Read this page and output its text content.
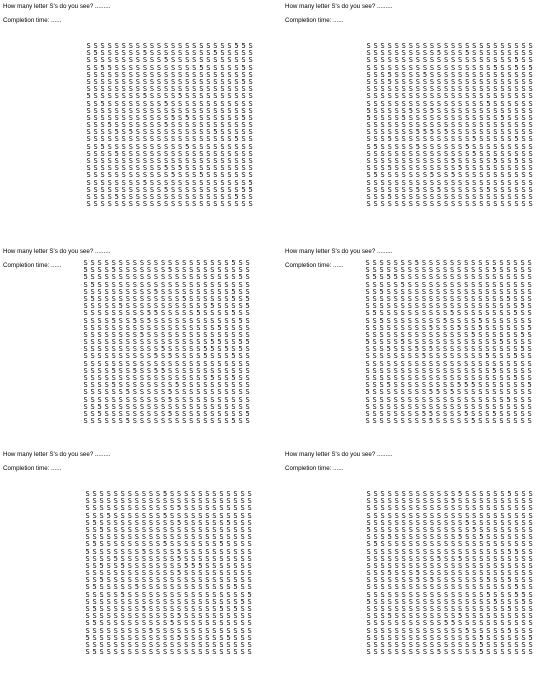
How many letter S's do you see? .........
Completion time: ......
S S S S S S S S S S S S S S S S S S S S S 5 5 S
S 5 S S S S S S 5 S S S S S S S S S 5 S S S S S
S S S S S S S S S S S 5 S S S S S S S S S S S S
S S 5 5 S S S S S S S S S S S S 5 S S S S S 5 S
S S S S S S S S S S S S S S S S S S S S S S S S
S S S S S S S S S S S S S S S S S S S S S S 5 S
S S S S S S S S S S S S S S S S S S S S S S S S
5 S S S S S S S 5 S S S S 5 S S S S S S S S S S
S S 5 S S S S S S S S 5 S S S S S S S S S S S S
S S S S S S S S S S S S S S S S S S S S S S S S
S S S S S S S S S S S S 5 S 5 S S S S S S S 5 S
S S S 5 S S S S S S S 5 S S S S S S S S S S S S
S S S S 5 S 5 S S S S S S S S S S S 5 S S S S S
S S S S S S S S S S S S S S S S S S S S S 5 S S
S S 5 S S S S S S S S S S S 5 S S S S S S S S S
S S S S 5 S S S S S S S S S S S S S S S S S S S
S S S S S S S S S S S S S S S S S S S S S S S S
S S S S S S S S S S S 5 S 5 S S S S S S S S S S
S S S S S S S S S S S S 5 S S S 5 S S S S S S S
S S S S S S S S 5 S S S S S S S S S S S S S S 5
S S S S S S S S S S S 5 S S S S S S S S S S 5 5
S S S S 5 S S S S S S S S S S S S S S S S 5 S S
S S S S S S S S S S S S S S S S S S S S S S S S
How many letter S's do you see? .........
Completion time: ......
S S S S S S S S S S S S S S S S S S S S S S S S
S S S S S S S S S S 5 S S S 5 S S S S S S S S S
S S S S S S S S S S S S S S S S S S S S S 5 S S
S S S S S S S S S S S S S S S S S S 5 S S 5 S 5
S S S 5 S S S S 5 S S S S S S S S S S S S S S S
S S S 5 S S S S S S S S S S S S S S S S S S S S
S S S S S S S S S S S S S S S S S S S S S S S S
S S S S S S S S S S S S S S S S S S S S S S S S
S S S S S S S S S S S S S S S S S 5 S S S S S S
5 S S S S S 5 S S 5 S S S S S S S S S S S S S S
5 S S S S 5 S S S S S S S S S S S S S 5 S S S S
S S S S S S S S S S S S S S S S S S S S S S S S
S S S S S S S 5 5 5 S 5 S S S S S S S S S S S S
S S S 5 S S S S S S S S S S S 5 S S S S S 5 S S
S 5 S S S S S 5 S S S S S S 5 S S S S S S S S S
S S S S S S S S S S S S S S S 5 S S S S S S S S
S S S S S S S S S S S S 5 S S S S S 5 S S 5 S S
S S S 5 S S S S S S S S S 5 S S S S S S S S S S
S 5 S S S S S S S 5 S S 5 S S S S S S S S S S S
S S S S S S S S S S S S S S S S S S S S S S S S
S S S S S S S 5 S S 5 S S S S S S 5 S S S S S S
S S S 5 S S S S S S S S S S S S S S S S S S S S
S S S S S S S S S S S S S S S S S S S S S S S S
How many letter S's do you see? .........
Completion time: ......	S S S S S S S S S S S S S S S S S S S S S 5 S S
5 S S S 5 S S S S S S S 5 S S S S S S S S S S S
5 S S S S S S S S S S S S S S S S S S S S S 5 S
S 5 S S S S S S S S S S S S S S S S S S S S S S
S S S S S S S S S S 5 S S S S S S S S S S 5 S S
S 5 S S S S S S S S S S S S 5 S S S S S S 5 S 5
S S S S S 5 S S S S S S S S S S S S 5 S S S S 5
S S S S S S S S S 5 5 S S S S S 5 S S S S 5 S S
S S S S 5 S S 5 S 5 S S S S S S S S S S S S 5 S
S S S S S S S S S S S S S S S S S S S 5 S S S S
S S S S S S S S 5 S S S S S S S S S S S S S S S
S S S S S S S S S S S S S S S S S S 5 5 S S 5 5
S S S S S S S S S S S 5 S S S S S 5 5 S 5 S 5 S
S S S S S S S S S S 5 S 5 S S S S 5 S S S 5 S S
S S S S S S S S S S S S S S S S S S S S S S S S
S S S S 5 S S 5 S S 5 5 S S S S S S S S S S S S
S S S S S S S S S S S S S S S S S S 5 S S 5 S S
S S S S 5 S S S S S S S S 5 S S S S S S S S S S
S S S S S S 5 S S S S S 5 S S S S S S S S S S S
S S S S S S S S S S S S 5 S S S S S S S S S S S
S S 5 S S S S S S S S S S S S S S S S S S S S S
S S 5 S S S S S S S S S 5 S S S S S S S S S S 5
S S S S S S 5 S S S S S S S S S S S S S S 5 S S
How many letter S's do you see? .........
Completion time: ......	S S S S S S S 5 S S S S S S S S S S S S S S S S
S S S S S S S S S S S S S S S S S S 5 S S S S S
S 5 S 5 5 S S S S S S S S S S S S S S S S S S S
S S S S S 5 S S S S S S S S S S S S S S S S S S
S S 5 S S S S S S S S S S S S S S S S S S S S S
S S S S S S S S S S S S S S S S S S S S 5 S S S
S S S S S S S S S S S S S S S S S S S S S S 5 S
S 5 S S S S S S S S S S 5 S S S S S S S S 5 S S
S S 5 S S S S S S S S 5 S S S S 5 S S S S S S S
S S S S S S S S S 5 S S S 5 S S 5 S S S S S S 5
S S S S S S S S S S S S S S S 5 S S S S S S 5 S
5 S S S S 5 S S S S S S S S S S S S S 5 S S S S
S S S 5 S S S 5 S 5 S S S S S S S S S S S S 5 S
S S S S S S S S 5 S S S S S S S S 5 S S S 5 S S
S S S S S S S S S S S S S S S S S S S S S S S S
S S S S S S S S S S S S S S S S S S 5 S S S S S
S S S S S S S S S S S S S S S S S S S S S 5 S S
S S S 5 S S S S S S S S S 5 5 5 S S S S S S S 5
5 S S S S S S S S 5 5 S 5 S S S S S S S S S S S
S S S S S S S S S S S S S S S S S S S S 5 S S S
S S S S S S S S S S S S S S S S S S S S S S S S
S S S S S S S S 5 5 S S S S 5 S S S 5 S S S S S
S S S S S S S S S 5 S S S S S 5 S S S S S S S S
How many letter S's do you see? .........
Completion time: ......
S S S S S S S S S S S 5 S S S S S S S S S S S S
S S S S S S S S S S S S S S S S S S S S S S S S
S S S S S S S S S S S S S 5 S S S S S S S S S S
S S S 5 S S S S S S S 5 S S S S S S S S S S S S
S 5 S S S S S S S S S S S 5 S S S S S S 5 S S S
S S 5 S S S S S S S S S S S S S S S S S S S S S
S S S S S S S S S S S S S S S S S S S S S S S S
S 5 S S S S S S S S S 5 S S S S S S S 5 S S S S
5 S S S S S S S 5 S S S S 5 S S S S S S S S S S
S S S S 5 S S S S S S S S 5 S S S S S S S S S S
S S 5 S S 5 S S S S S S S S 5 5 5 S S S S S S S
S S S S S S S S S S S S S 5 S S S S S S S S S S
S S 5 S S S S S S S S S S S S S S S S S S S S S
S 5 S S S S S 5 S S S S S S S S S S S S S 5 S S
S S S S S 5 S S S S S S S S S S S S S S S S S 5
S S S S S S S S S S S S S S S S S S S S S S 5 S
S 5 S S S S S S 5 S S S S S S S S S S 5 S 5 S S
S S S S S S S S S S S S S 5 S S S S S S S S S S
S 5 S S S S S S S S S S 5 S S S S S S S S S S S
S S S S S S S S S 5 S S S S S S S S S S S S S S
5 S S S S S S S S S S S S 5 S S S S S S 5 S S S
S S S S S S S S S S S S S S S S S S S S S S S S
S 5 S S S S S S S S S S S S S S S S S S S S S S
How many letter S's do you see? .........
Completion time: ......
S S S S S S S S S S S S S 5 S S S S S S 5 S S S
S S S S S S S S S S S S 5 S S S S S S S S S S S
S S S S S S S S S S S S S S S S S S S S S S S S
S S S S S S S S S S S S S S S S S S S S S S S S
S S S S S S S S S S S S S S 5 S S S S S S S S S
5 S S S S S S S S S S S S S S 5 S S S S S S S S
S S S 5 S S S S S S S S S 5 S S 5 S S S S S S S
S 5 S S S S S S S S S S S S S S S S S S S S S S
S S S S S S S S S S S S S S S S S S S S 5 5 S S
S S S S S S S S S S 5 S S 5 S S S S S S S S S S
S S S S S S S S S S S S S S S S S S S S S S S S
S S S 5 S S S 5 S S S S S S S S S S S S S S S S
S S S S S S S 5 S 5 S S S S S S S 5 S S 5 S S S
S S S S S S S S S S S S S S S S S S S S S 5 S S
S S S S S S S S S S S S S S S S S 5 S S S 5 5 S
5 S S S S S S S S S S S S S S S S S 5 S S S 5 S
S S S S S S S S S S S S S S S S S S S S 5 S S S
S S S 5 S S S S S S S S S 5 S S S S S S S S S S
S S S S S S S S S S S 5 5 S S S S S S S S S S S
S S S S S S S S S S S S S S 5 S S S S S 5 S S S
S S S S S S S S S S S S S S S S 5 S S S S S S 5
S S S S S S S S S S S S S S S S 5 S S S S S S S
S S S S S S S S S S 5 S S S S S 5 S S S S S S S
